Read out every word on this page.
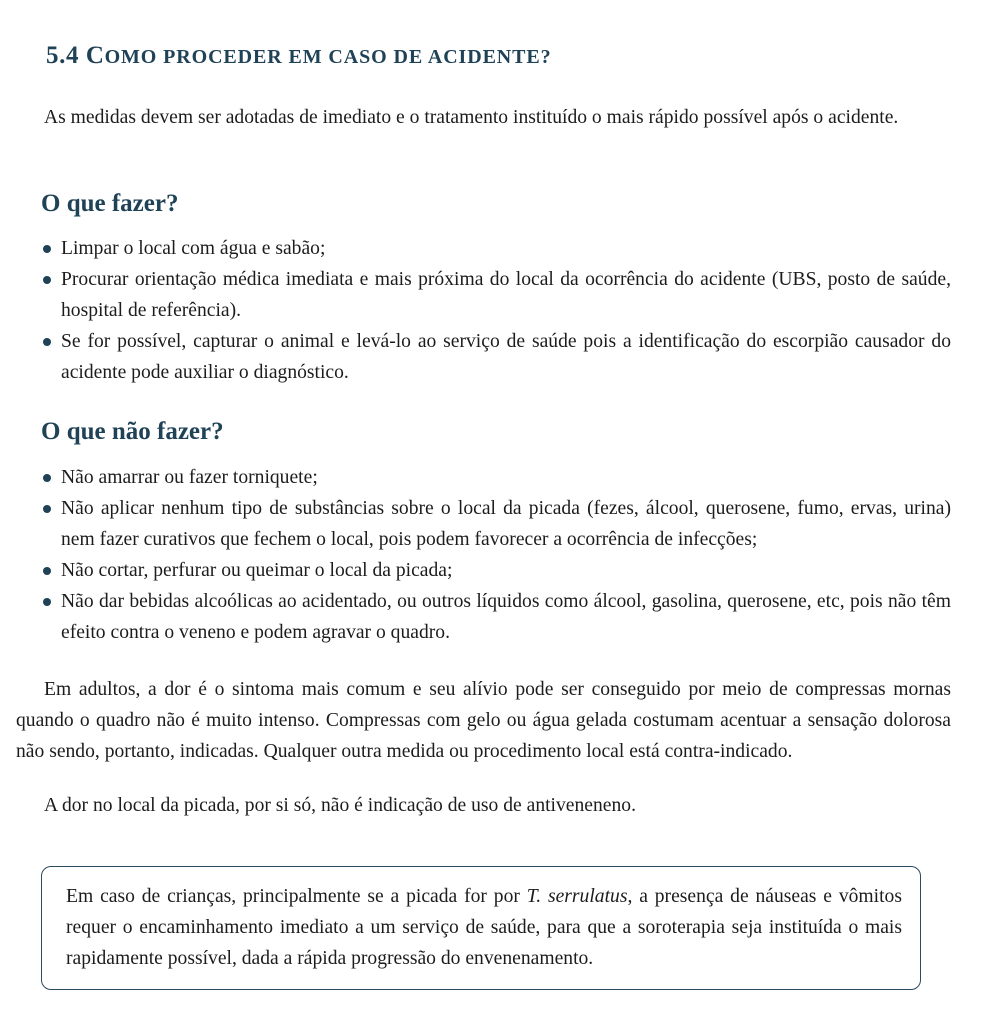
5.4 COMO PROCEDER EM CASO DE ACIDENTE?

As medidas devem ser adotadas de imediato e o tratamento instituído o mais rápido possível após o acidente.

O que fazer?
Limpar o local com água e sabão;
Procurar orientação médica imediata e mais próxima do local da ocorrência do acidente (UBS, posto de saúde, hospital de referência).
Se for possível, capturar o animal e levá-lo ao serviço de saúde pois a identificação do escorpião causador do acidente pode auxiliar o diagnóstico.
O que não fazer?
Não amarrar ou fazer torniquete;
Não aplicar nenhum tipo de substâncias sobre o local da picada (fezes, álcool, querosene, fumo, ervas, urina) nem fazer curativos que fechem o local, pois podem favorecer a ocorrência de infecções;
Não cortar, perfurar ou queimar o local da picada;
Não dar bebidas alcoólicas ao acidentado, ou outros líquidos como álcool, gasolina, querosene, etc, pois não têm efeito contra o veneno e podem agravar o quadro.

Em adultos, a dor é o sintoma mais comum e seu alívio pode ser conseguido por meio de compressas mornas quando o quadro não é muito intenso. Compressas com gelo ou água gelada costumam acentuar a sensação dolorosa não sendo, portanto, indicadas. Qualquer outra medida ou procedimento local está contra-indicado.

A dor no local da picada, por si só, não é indicação de uso de antiveneneno.

Em caso de crianças, principalmente se a picada for por T. serrulatus, a presença de náuseas e vômitos requer o encaminhamento imediato a um serviço de saúde, para que a soroterapia seja instituída o mais rapidamente possível, dada a rápida progressão do envenenamento.
